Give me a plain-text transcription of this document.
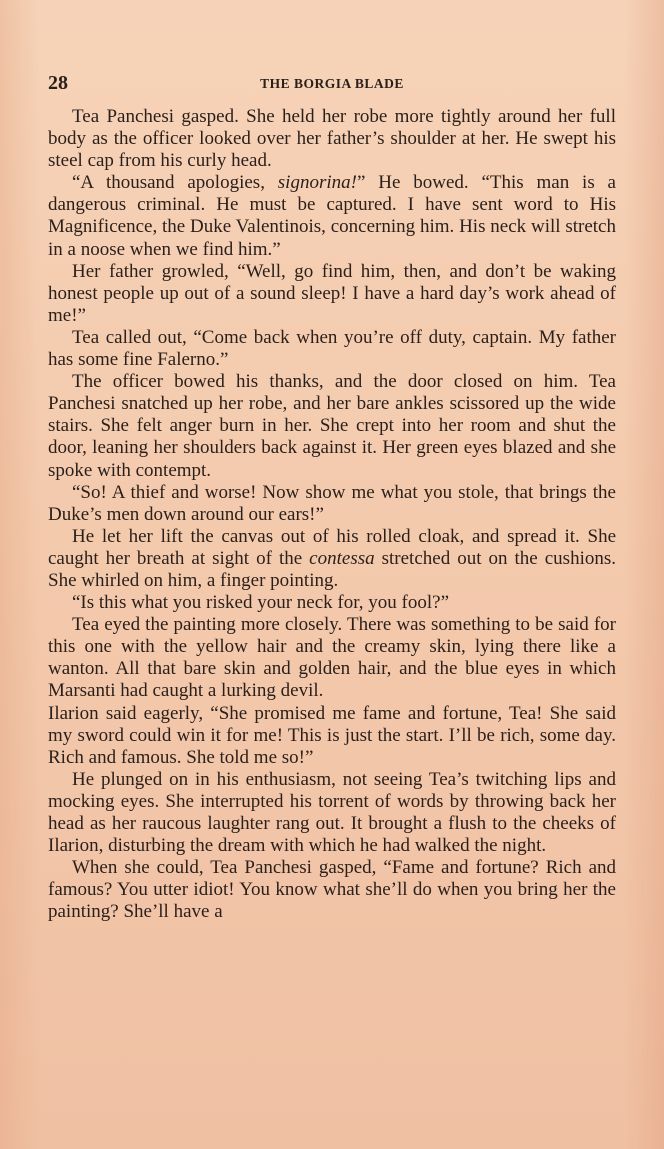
28	THE BORGIA BLADE

Tea Panchesi gasped. She held her robe more tightly around her full body as the officer looked over her father’s shoulder at her. He swept his steel cap from his curly head.

“A thousand apologies, signorina!” He bowed. “This man is a dangerous criminal. He must be captured. I have sent word to His Magnificence, the Duke Valentinois, concerning him. His neck will stretch in a noose when we find him.”

Her father growled, “Well, go find him, then, and don’t be waking honest people up out of a sound sleep! I have a hard day’s work ahead of me!”

Tea called out, “Come back when you’re off duty, captain. My father has some fine Falerno.”

The officer bowed his thanks, and the door closed on him. Tea Panchesi snatched up her robe, and her bare ankles scissored up the wide stairs. She felt anger burn in her. She crept into her room and shut the door, leaning her shoulders back against it. Her green eyes blazed and she spoke with contempt.

“So! A thief and worse! Now show me what you stole, that brings the Duke’s men down around our ears!”

He let her lift the canvas out of his rolled cloak, and spread it. She caught her breath at sight of the contessa stretched out on the cushions. She whirled on him, a finger pointing.

“Is this what you risked your neck for, you fool?”

Tea eyed the painting more closely. There was something to be said for this one with the yellow hair and the creamy skin, lying there like a wanton. All that bare skin and golden hair, and the blue eyes in which Marsanti had caught a lurking devil.

Ilarion said eagerly, “She promised me fame and fortune, Tea! She said my sword could win it for me! This is just the start. I’ll be rich, some day. Rich and famous. She told me so!”

He plunged on in his enthusiasm, not seeing Tea’s twitching lips and mocking eyes. She interrupted his torrent of words by throwing back her head as her raucous laughter rang out. It brought a flush to the cheeks of Ilarion, disturbing the dream with which he had walked the night.

When she could, Tea Panchesi gasped, “Fame and fortune? Rich and famous? You utter idiot! You know what she’ll do when you bring her the painting? She’ll have a
